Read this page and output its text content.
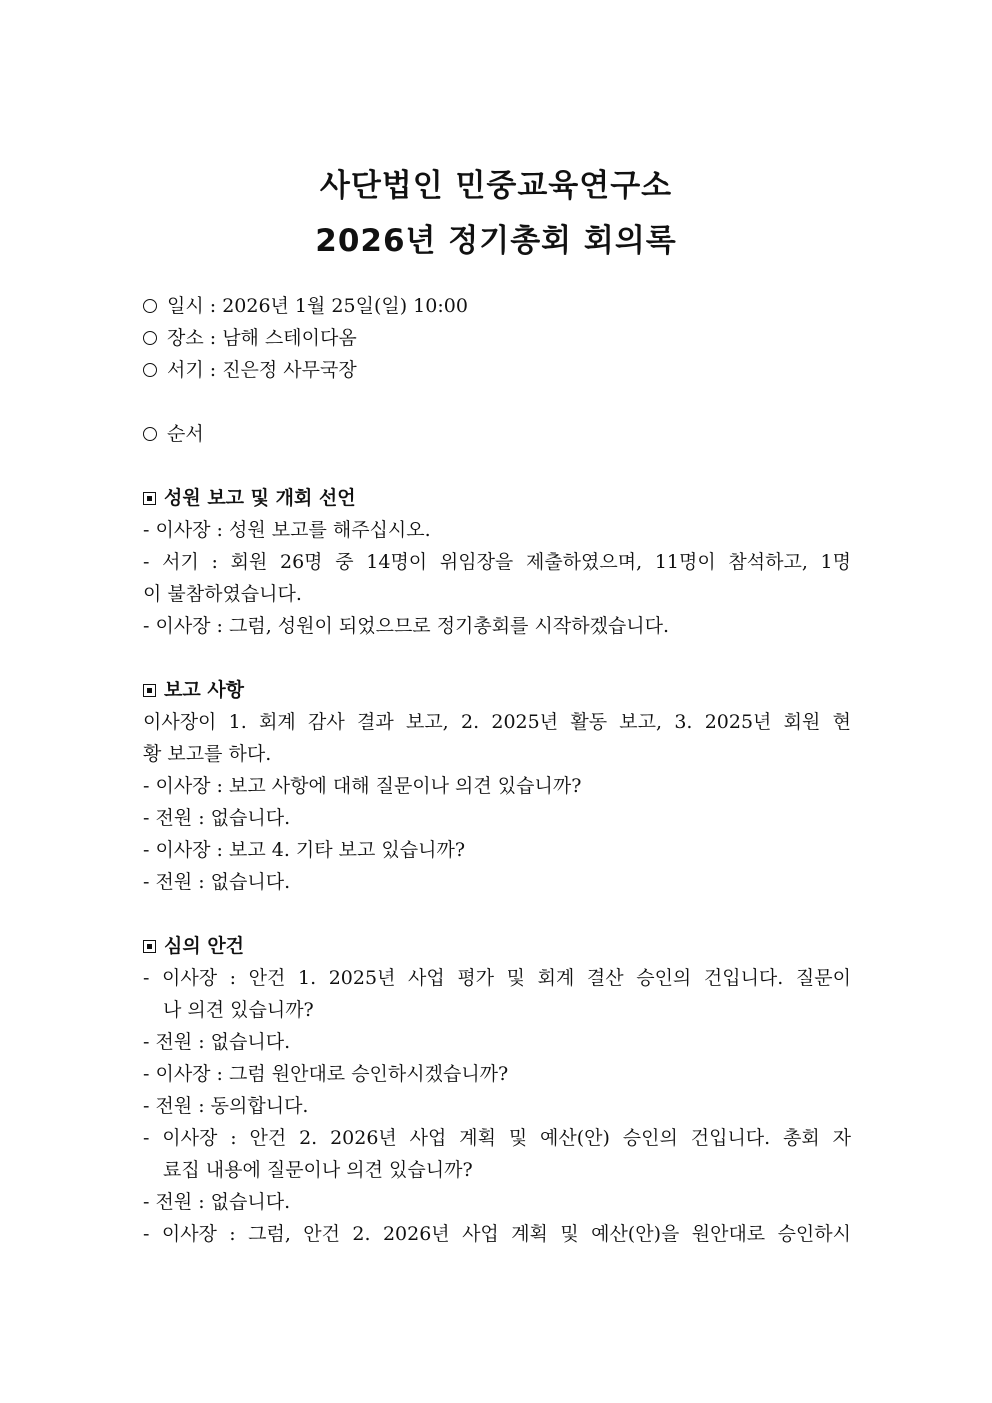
사단법인 민중교육연구소
2026년 정기총회 회의록
일시 : 2026년 1월 25일(일) 10:00
장소 : 남해 스테이다옴
서기 : 진은정 사무국장
순서
성원 보고 및 개회 선언
- 이사장 : 성원 보고를 해주십시오.
- 서기 : 회원 26명 중 14명이 위임장을 제출하였으며, 11명이 참석하고, 1명
이 불참하였습니다.
- 이사장 : 그럼, 성원이 되었으므로 정기총회를 시작하겠습니다.
보고 사항
이사장이 1. 회계 감사 결과 보고, 2. 2025년 활동 보고, 3. 2025년 회원 현
황 보고를 하다.
- 이사장 : 보고 사항에 대해 질문이나 의견 있습니까?
- 전원 : 없습니다.
- 이사장 : 보고 4. 기타 보고 있습니까?
- 전원 : 없습니다.
심의 안건
- 이사장 : 안건 1. 2025년 사업 평가 및 회계 결산 승인의 건입니다. 질문이
나 의견 있습니까?
- 전원 : 없습니다.
- 이사장 : 그럼 원안대로 승인하시겠습니까?
- 전원 : 동의합니다.
- 이사장 : 안건 2. 2026년 사업 계획 및 예산(안) 승인의 건입니다. 총회 자
료집 내용에 질문이나 의견 있습니까?
- 전원 : 없습니다.
- 이사장 : 그럼, 안건 2. 2026년 사업 계획 및 예산(안)을 원안대로 승인하시
